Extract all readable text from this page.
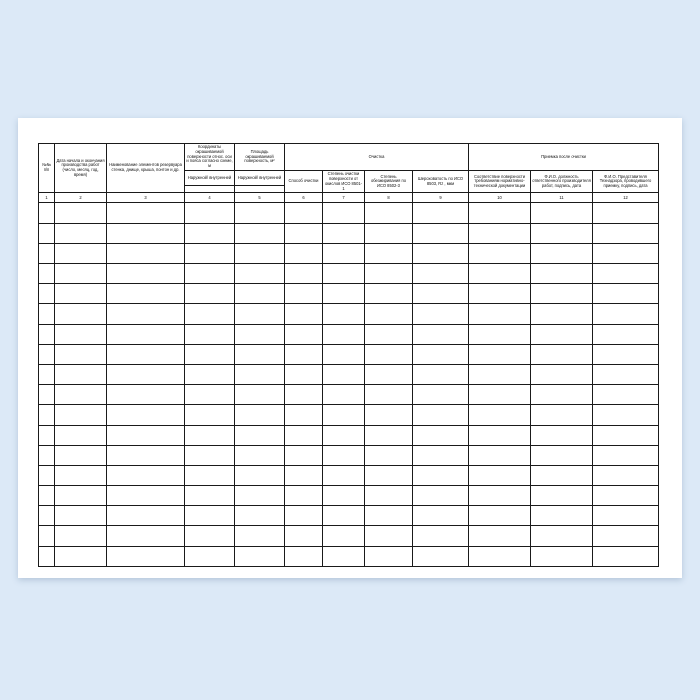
№№ п/п	Дата начала и окончания производства работ (число, месяц, год, время)	Наименование элементов резервуара стенка, днище, крыша, понтон и др.	Координаты окрашиваемой поверхности относ. оси и пояса согласно схеме, м	Площадь окрашиваемой поверхность, м²	Очистка				Приемка после очистки		
			Наружной/ внутренней	Наружной/ внутренней	Способ очистки	Степень очистки поверхности от окислов ИСО 8501-1	Степень обезжиривания по ИСО 8502-3	Шероховатость по ИСО 8503, Rz , мкм	Соответствие поверхности требованиям нормативно-технической документации	Ф.И.О. должность ответственного производителя работ, подпись, дата	Ф.И.О. Представителя Технадзора, проводившего приемку, подпись, дата

1	2	3	4	5	6	7	8	9	10	11	12
